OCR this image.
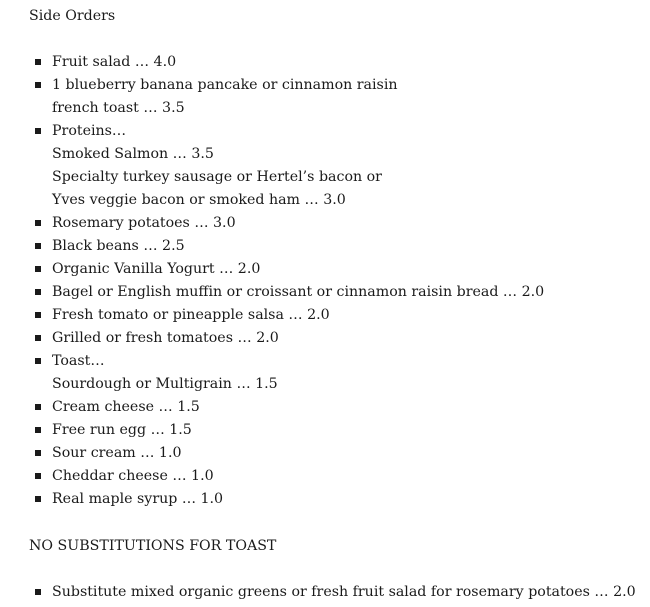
Side Orders
Fruit salad … 4.0
1 blueberry banana pancake or cinnamon raisin
french toast … 3.5
Proteins…
Smoked Salmon … 3.5
Specialty turkey sausage or Hertel’s bacon or
Yves veggie bacon or smoked ham … 3.0
Rosemary potatoes … 3.0
Black beans … 2.5
Organic Vanilla Yogurt … 2.0
Bagel or English muffin or croissant or cinnamon raisin bread … 2.0
Fresh tomato or pineapple salsa … 2.0
Grilled or fresh tomatoes … 2.0
Toast…
Sourdough or Multigrain … 1.5
Cream cheese … 1.5
Free run egg … 1.5
Sour cream … 1.0
Cheddar cheese … 1.0
Real maple syrup … 1.0
NO SUBSTITUTIONS FOR TOAST
Substitute mixed organic greens or fresh fruit salad for rosemary potatoes … 2.0
